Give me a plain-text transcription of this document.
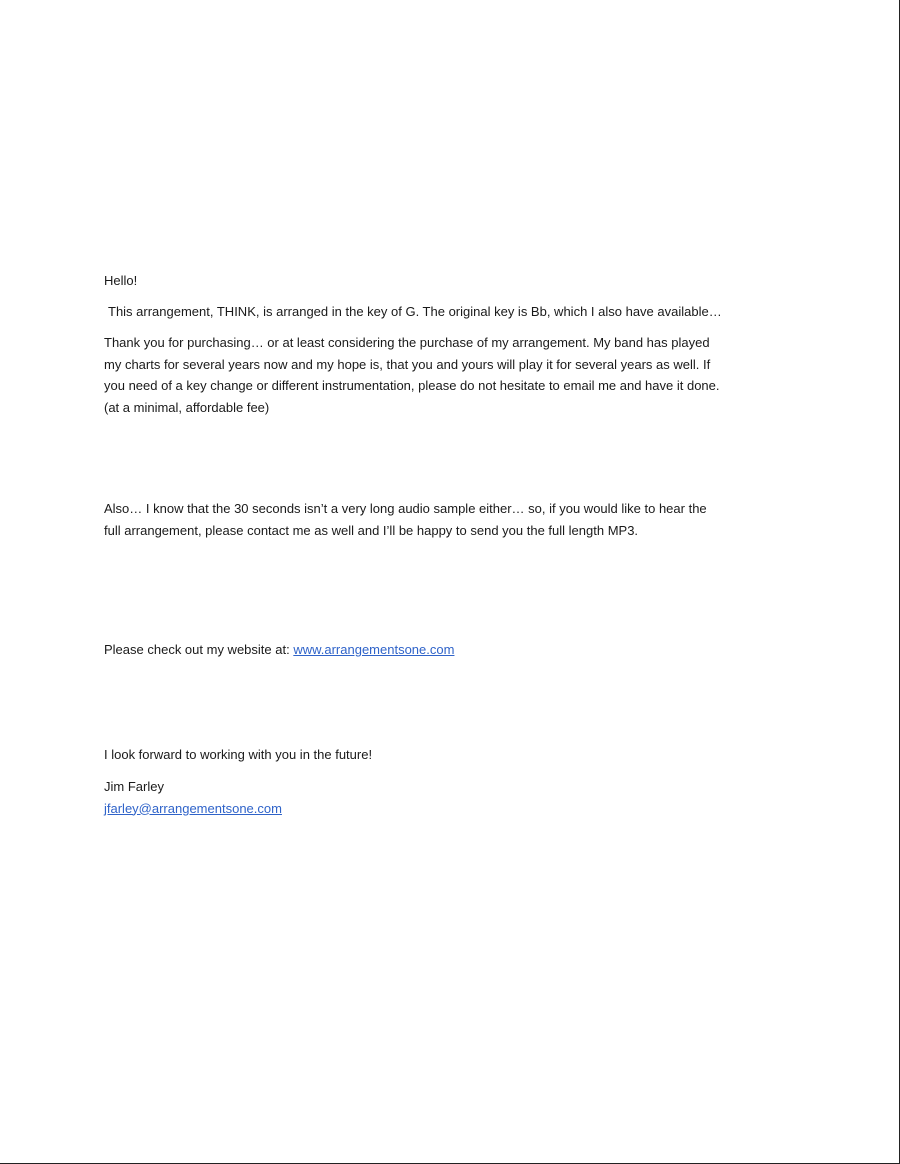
Hello!

This arrangement, THINK, is arranged in the key of G. The original key is Bb, which I also have available…

Thank you for purchasing… or at least considering the purchase of my arrangement. My band has played my charts for several years now and my hope is, that you and yours will play it for several years as well. If you need of a key change or different instrumentation, please do not hesitate to email me and have it done. (at a minimal, affordable fee)

Also… I know that the 30 seconds isn’t a very long audio sample either… so, if you would like to hear the full arrangement, please contact me as well and I’ll be happy to send you the full length MP3.

Please check out my website at: www.arrangementsone.com

I look forward to working with you in the future!

Jim Farley

jfarley@arrangementsone.com
